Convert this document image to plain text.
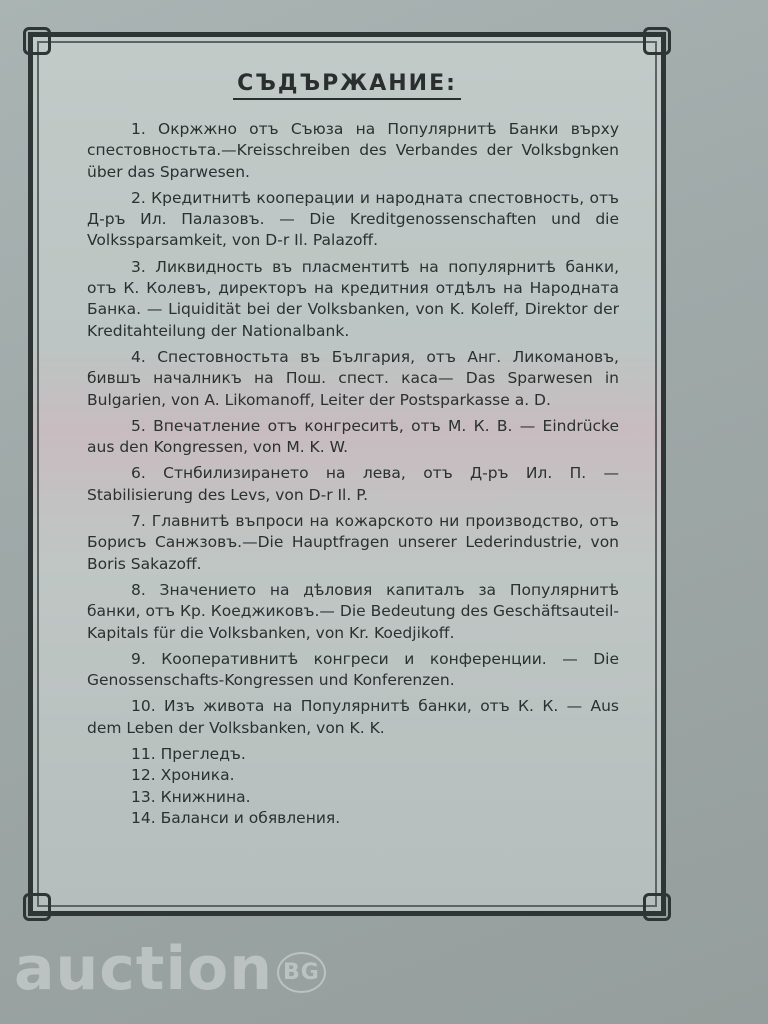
СЪДЪРЖАНИЕ:

1. Окржжно отъ Съюза на Популярнитѣ Банки върху спестовностьта.—Kreisschreiben des Verbandes der Volksbgnken über das Sparwesen.

2. Кредитнитѣ кооперации и народната спестовность, отъ Д-ръ Ил. Палазовъ. — Die Kreditgenossenschaften und die Volkssparsamkeit, von D-r Il. Palazoff.

3. Ликвидность въ пласментитѣ на популярнитѣ банки, отъ К. Колевъ, директоръ на кредитния отдѣлъ на Народната Банка. — Liquidität bei der Volksbanken, von K. Koleff, Direktor der Kreditahteilung der Nationalbank.

4. Спестовностьта въ България, отъ Анг. Ликомановъ, бившъ началникъ на Пош. спест. каса— Das Sparwesen in Bulgarien, von A. Likomanoff, Leiter der Postsparkasse a. D.

5. Впечатление отъ конгреситѣ, отъ М. К. В. — Eindrücke aus den Kongressen, von M. K. W.

6. Стнбилизирането на лева, отъ Д-ръ Ил. П. — Stabilisierung des Levs, von D-r Il. P.

7. Главнитѣ въпроси на кожарското ни производство, отъ Борисъ Санжзовъ.—Die Hauptfragen unserer Lederindustrie, von Boris Sakazoff.

8. Значението на дѣловия капиталъ за Популярнитѣ банки, отъ Кр. Коеджиковъ.— Die Bedeutung des Geschäftsauteil-Kapitals für die Volksbanken, von Kr. Koedjikoff.

9. Кооперативнитѣ конгреси и конференции. — Die Genossenschafts-Kongressen und Konferenzen.

10. Изъ живота на Популярнитѣ банки, отъ К. К. — Aus dem Leben der Volksbanken, von K. K.

11. Прегледъ.

12. Хроника.

13. Книжнина.

14. Баланси и обявления.

auction BG
